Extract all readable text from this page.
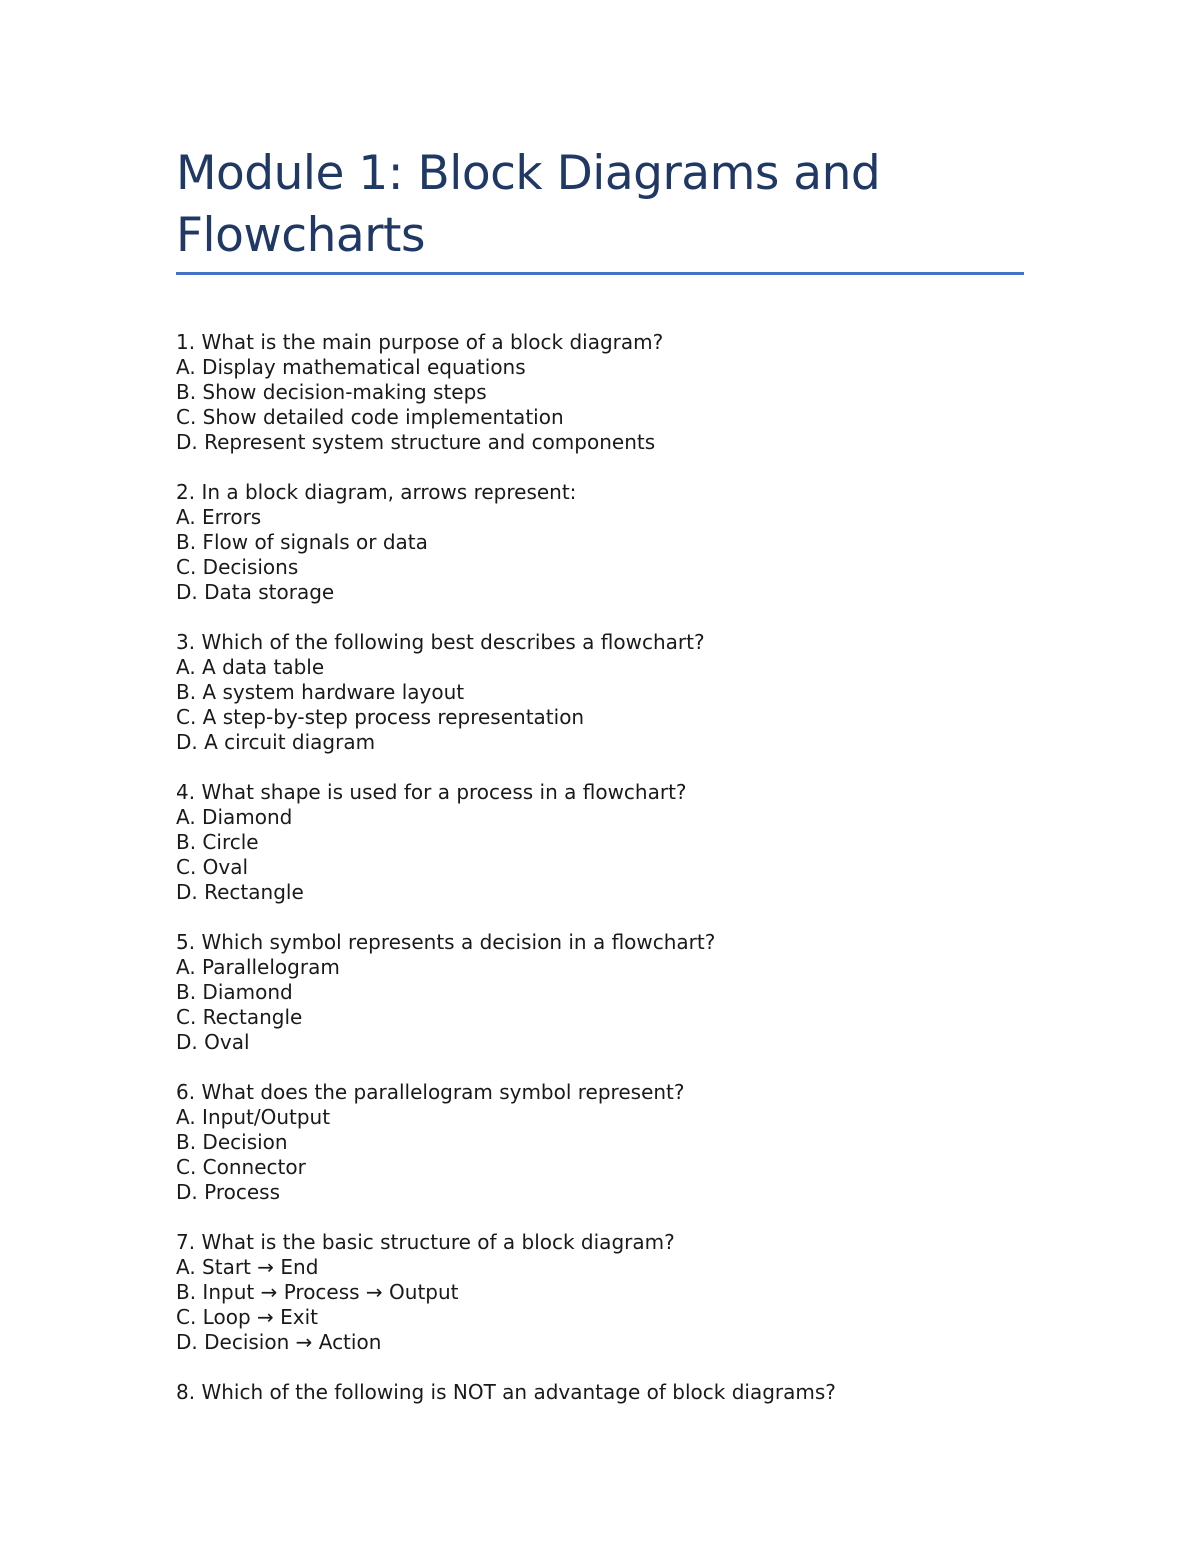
Module 1: Block Diagrams and Flowcharts
1. What is the main purpose of a block diagram?
A. Display mathematical equations
B. Show decision-making steps
C. Show detailed code implementation
D. Represent system structure and components
2. In a block diagram, arrows represent:
A. Errors
B. Flow of signals or data
C. Decisions
D. Data storage
3. Which of the following best describes a flowchart?
A. A data table
B. A system hardware layout
C. A step-by-step process representation
D. A circuit diagram
4. What shape is used for a process in a flowchart?
A. Diamond
B. Circle
C. Oval
D. Rectangle
5. Which symbol represents a decision in a flowchart?
A. Parallelogram
B. Diamond
C. Rectangle
D. Oval
6. What does the parallelogram symbol represent?
A. Input/Output
B. Decision
C. Connector
D. Process
7. What is the basic structure of a block diagram?
A. Start → End
B. Input → Process → Output
C. Loop → Exit
D. Decision → Action
8. Which of the following is NOT an advantage of block diagrams?
